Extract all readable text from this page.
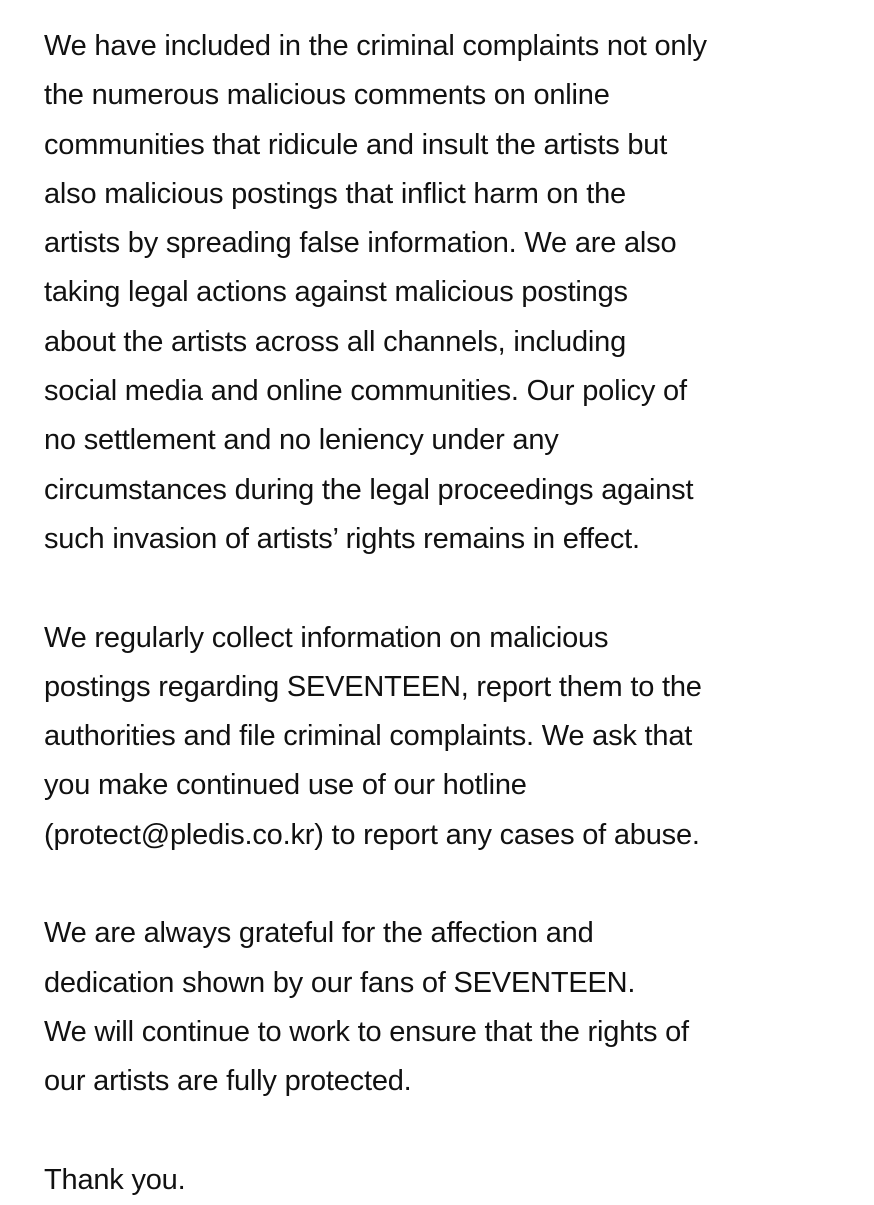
We have included in the criminal complaints not only
the numerous malicious comments on online
communities that ridicule and insult the artists but
also malicious postings that inflict harm on the
artists by spreading false information. We are also
taking legal actions against malicious postings
about the artists across all channels, including
social media and online communities. Our policy of
no settlement and no leniency under any
circumstances during the legal proceedings against
such invasion of artists’ rights remains in effect.

We regularly collect information on malicious
postings regarding SEVENTEEN, report them to the
authorities and file criminal complaints. We ask that
you make continued use of our hotline
(protect@pledis.co.kr) to report any cases of abuse.

We are always grateful for the affection and
dedication shown by our fans of SEVENTEEN.
We will continue to work to ensure that the rights of
our artists are fully protected.

Thank you.
